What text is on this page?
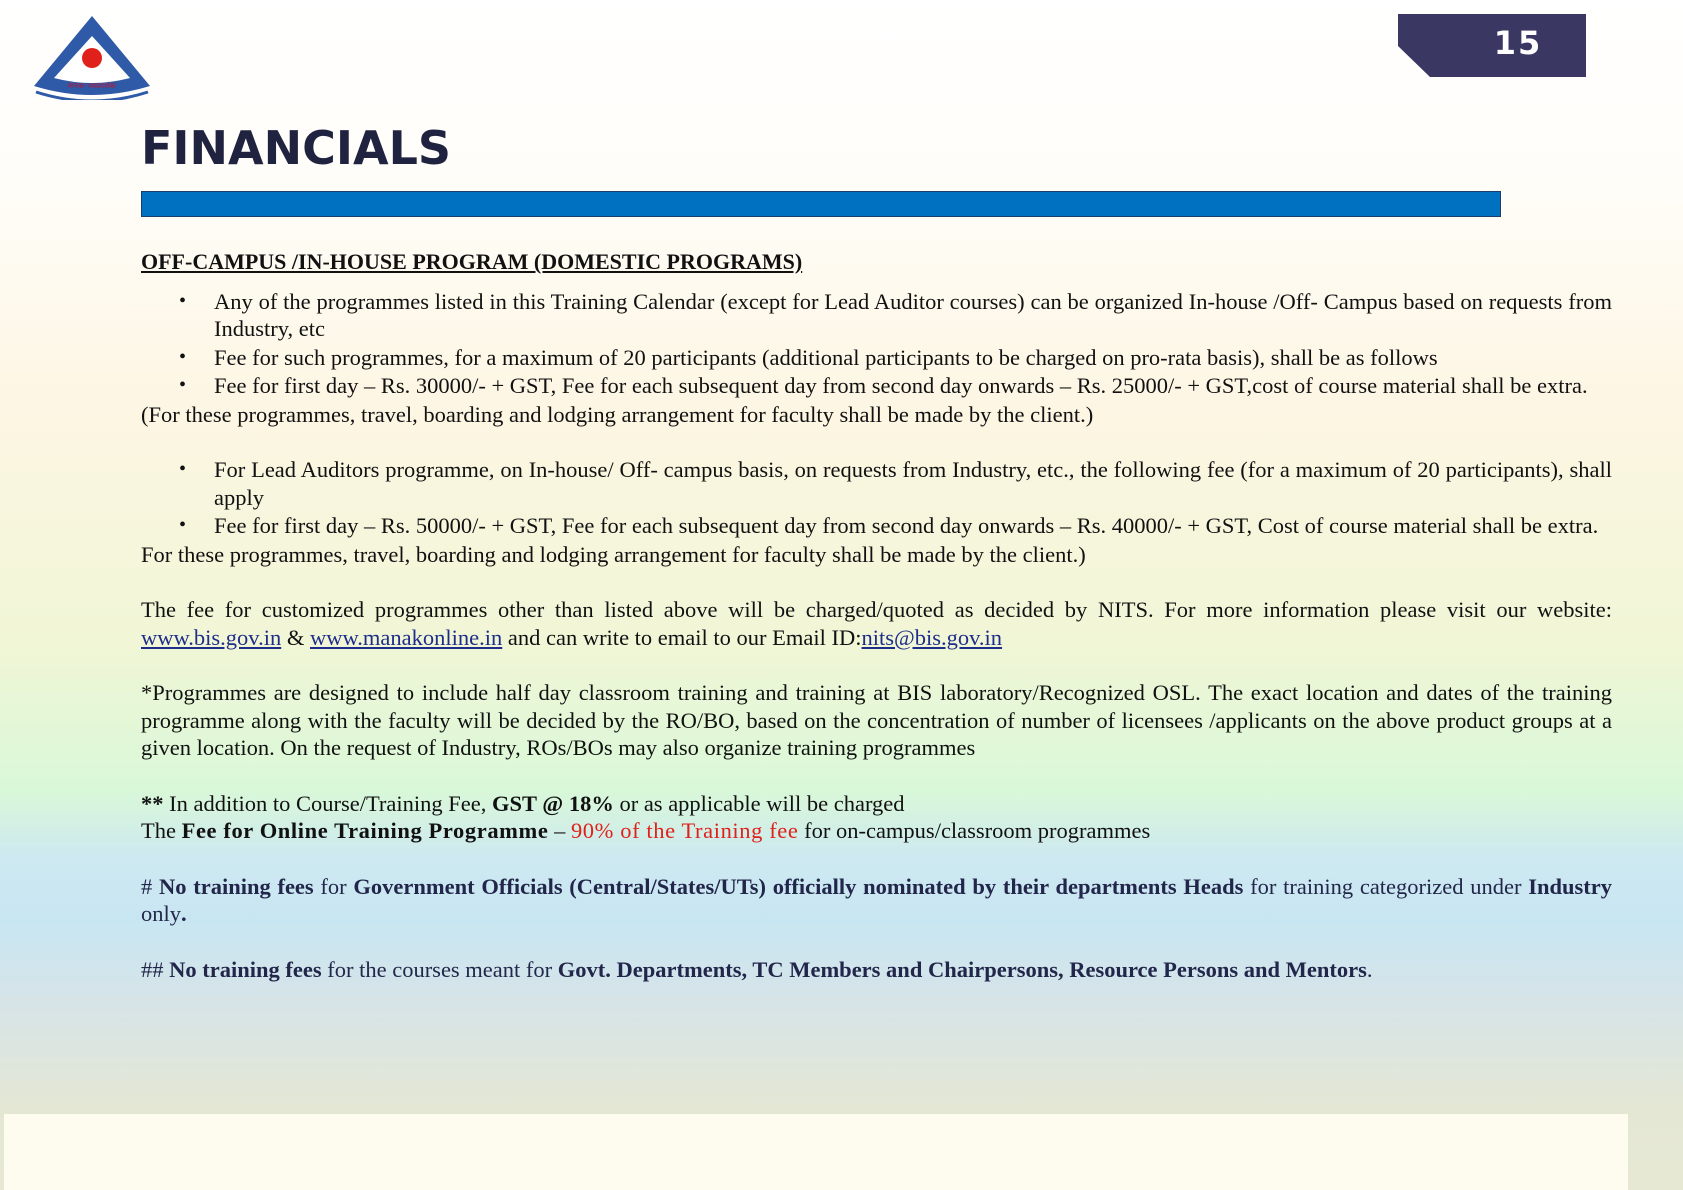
मानकः पथप्रदर्शकः
15
FINANCIALS
OFF-CAMPUS /IN-HOUSE PROGRAM (DOMESTIC PROGRAMS)
• Any of the programmes listed in this Training Calendar (except for Lead Auditor courses) can be organized In-house /Off- Campus based on requests from Industry, etc
• Fee for such programmes, for a maximum of 20 participants (additional participants to be charged on pro-rata basis), shall be as follows
• Fee for first day – Rs. 30000/- + GST, Fee for each subsequent day from second day onwards – Rs. 25000/- + GST,cost of course material shall be extra.

(For these programmes, travel, boarding and lodging arrangement for faculty shall be made by the client.)

• For Lead Auditors programme, on In-house/ Off- campus basis, on requests from Industry, etc., the following fee (for a maximum of 20 participants), shall apply
• Fee for first day – Rs. 50000/- + GST, Fee for each subsequent day from second day onwards – Rs. 40000/- + GST, Cost of course material shall be extra.

For these programmes, travel, boarding and lodging arrangement for faculty shall be made by the client.)

The fee for customized programmes other than listed above will be charged/quoted as decided by NITS. For more information please visit our website: www.bis.gov.in & www.manakonline.in and can write to email to our Email ID:nits@bis.gov.in

*Programmes are designed to include half day classroom training and training at BIS laboratory/Recognized OSL. The exact location and dates of the training programme along with the faculty will be decided by the RO/BO, based on the concentration of number of licensees /applicants on the above product groups at a given location. On the request of Industry, ROs/BOs may also organize training programmes

** In addition to Course/Training Fee, GST @ 18% or as applicable will be charged

The Fee for Online Training Programme – 90% of the Training fee for on-campus/classroom programmes

# No training fees for Government Officials (Central/States/UTs) officially nominated by their departments Heads for training categorized under Industry only.

## No training fees for the courses meant for Govt. Departments, TC Members and Chairpersons, Resource Persons and Mentors.
